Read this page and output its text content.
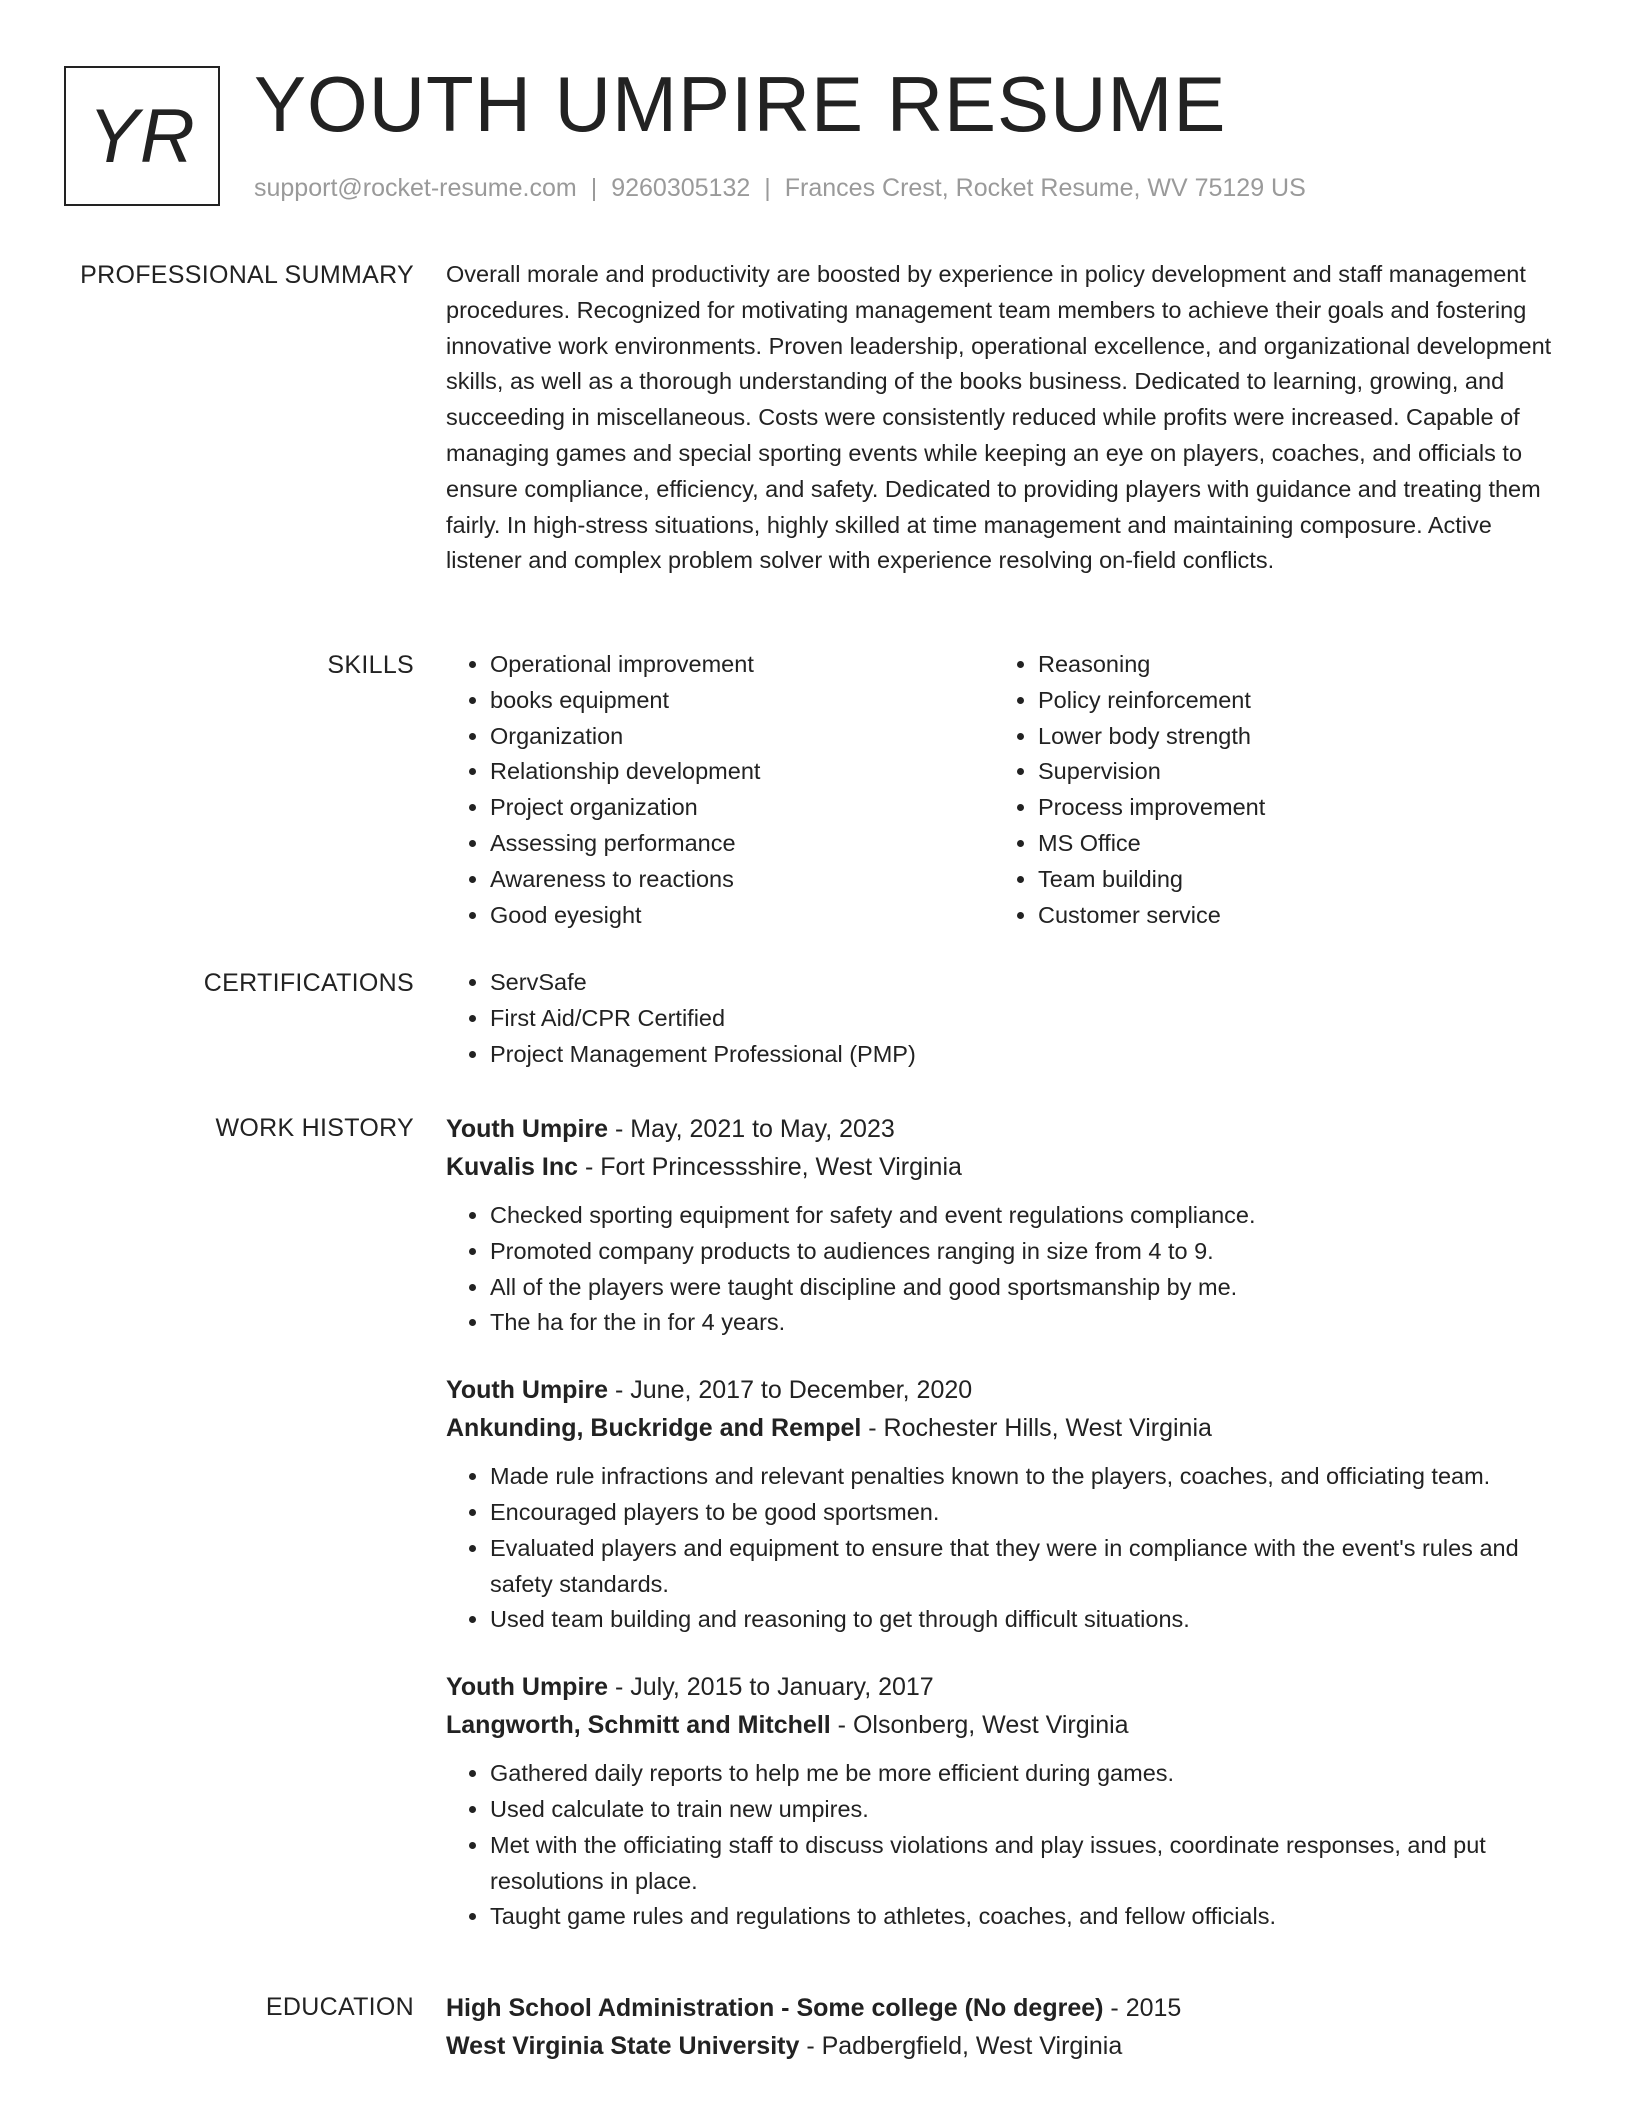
YR YOUTH UMPIRE RESUME
support@rocket-resume.com | 9260305132 | Frances Crest, Rocket Resume, WV 75129 US
PROFESSIONAL SUMMARY Overall morale and productivity are boosted by experience in policy development and staff management procedures. Recognized for motivating management team members to achieve their goals and fostering innovative work environments. Proven leadership, operational excellence, and organizational development skills, as well as a thorough understanding of the books business. Dedicated to learning, growing, and succeeding in miscellaneous. Costs were consistently reduced while profits were increased. Capable of managing games and special sporting events while keeping an eye on players, coaches, and officials to ensure compliance, efficiency, and safety. Dedicated to providing players with guidance and treating them fairly. In high-stress situations, highly skilled at time management and maintaining composure. Active listener and complex problem solver with experience resolving on-field conflicts.

SKILLS	• Operational improvement
• books equipment
• Organization
• Relationship development
• Project organization
• Assessing performance
• Awareness to reactions
• Good eyesight
• Reasoning
• Policy reinforcement
• Lower body strength
• Supervision
• Process improvement
• MS Office
• Team building
• Customer service
CERTIFICATIONS	• ServSafe
• First Aid/CPR Certified
• Project Management Professional (PMP)
WORK HISTORY Youth Umpire - May, 2021 to May, 2023
Kuvalis Inc - Fort Princessshire, West Virginia
• Checked sporting equipment for safety and event regulations compliance.
• Promoted company products to audiences ranging in size from 4 to 9.
• All of the players were taught discipline and good sportsmanship by me.
• The ha for the in for 4 years.
Youth Umpire - June, 2017 to December, 2020
Ankunding, Buckridge and Rempel - Rochester Hills, West Virginia
• Made rule infractions and relevant penalties known to the players, coaches, and officiating team.
• Encouraged players to be good sportsmen.
• Evaluated players and equipment to ensure that they were in compliance with the event's rules and safety standards.
• Used team building and reasoning to get through difficult situations.
Youth Umpire - July, 2015 to January, 2017
Langworth, Schmitt and Mitchell - Olsonberg, West Virginia
• Gathered daily reports to help me be more efficient during games.
• Used calculate to train new umpires.
• Met with the officiating staff to discuss violations and play issues, coordinate responses, and put resolutions in place.
• Taught game rules and regulations to athletes, coaches, and fellow officials.
EDUCATION High School Administration - Some college (No degree) - 2015
West Virginia State University - Padbergfield, West Virginia
